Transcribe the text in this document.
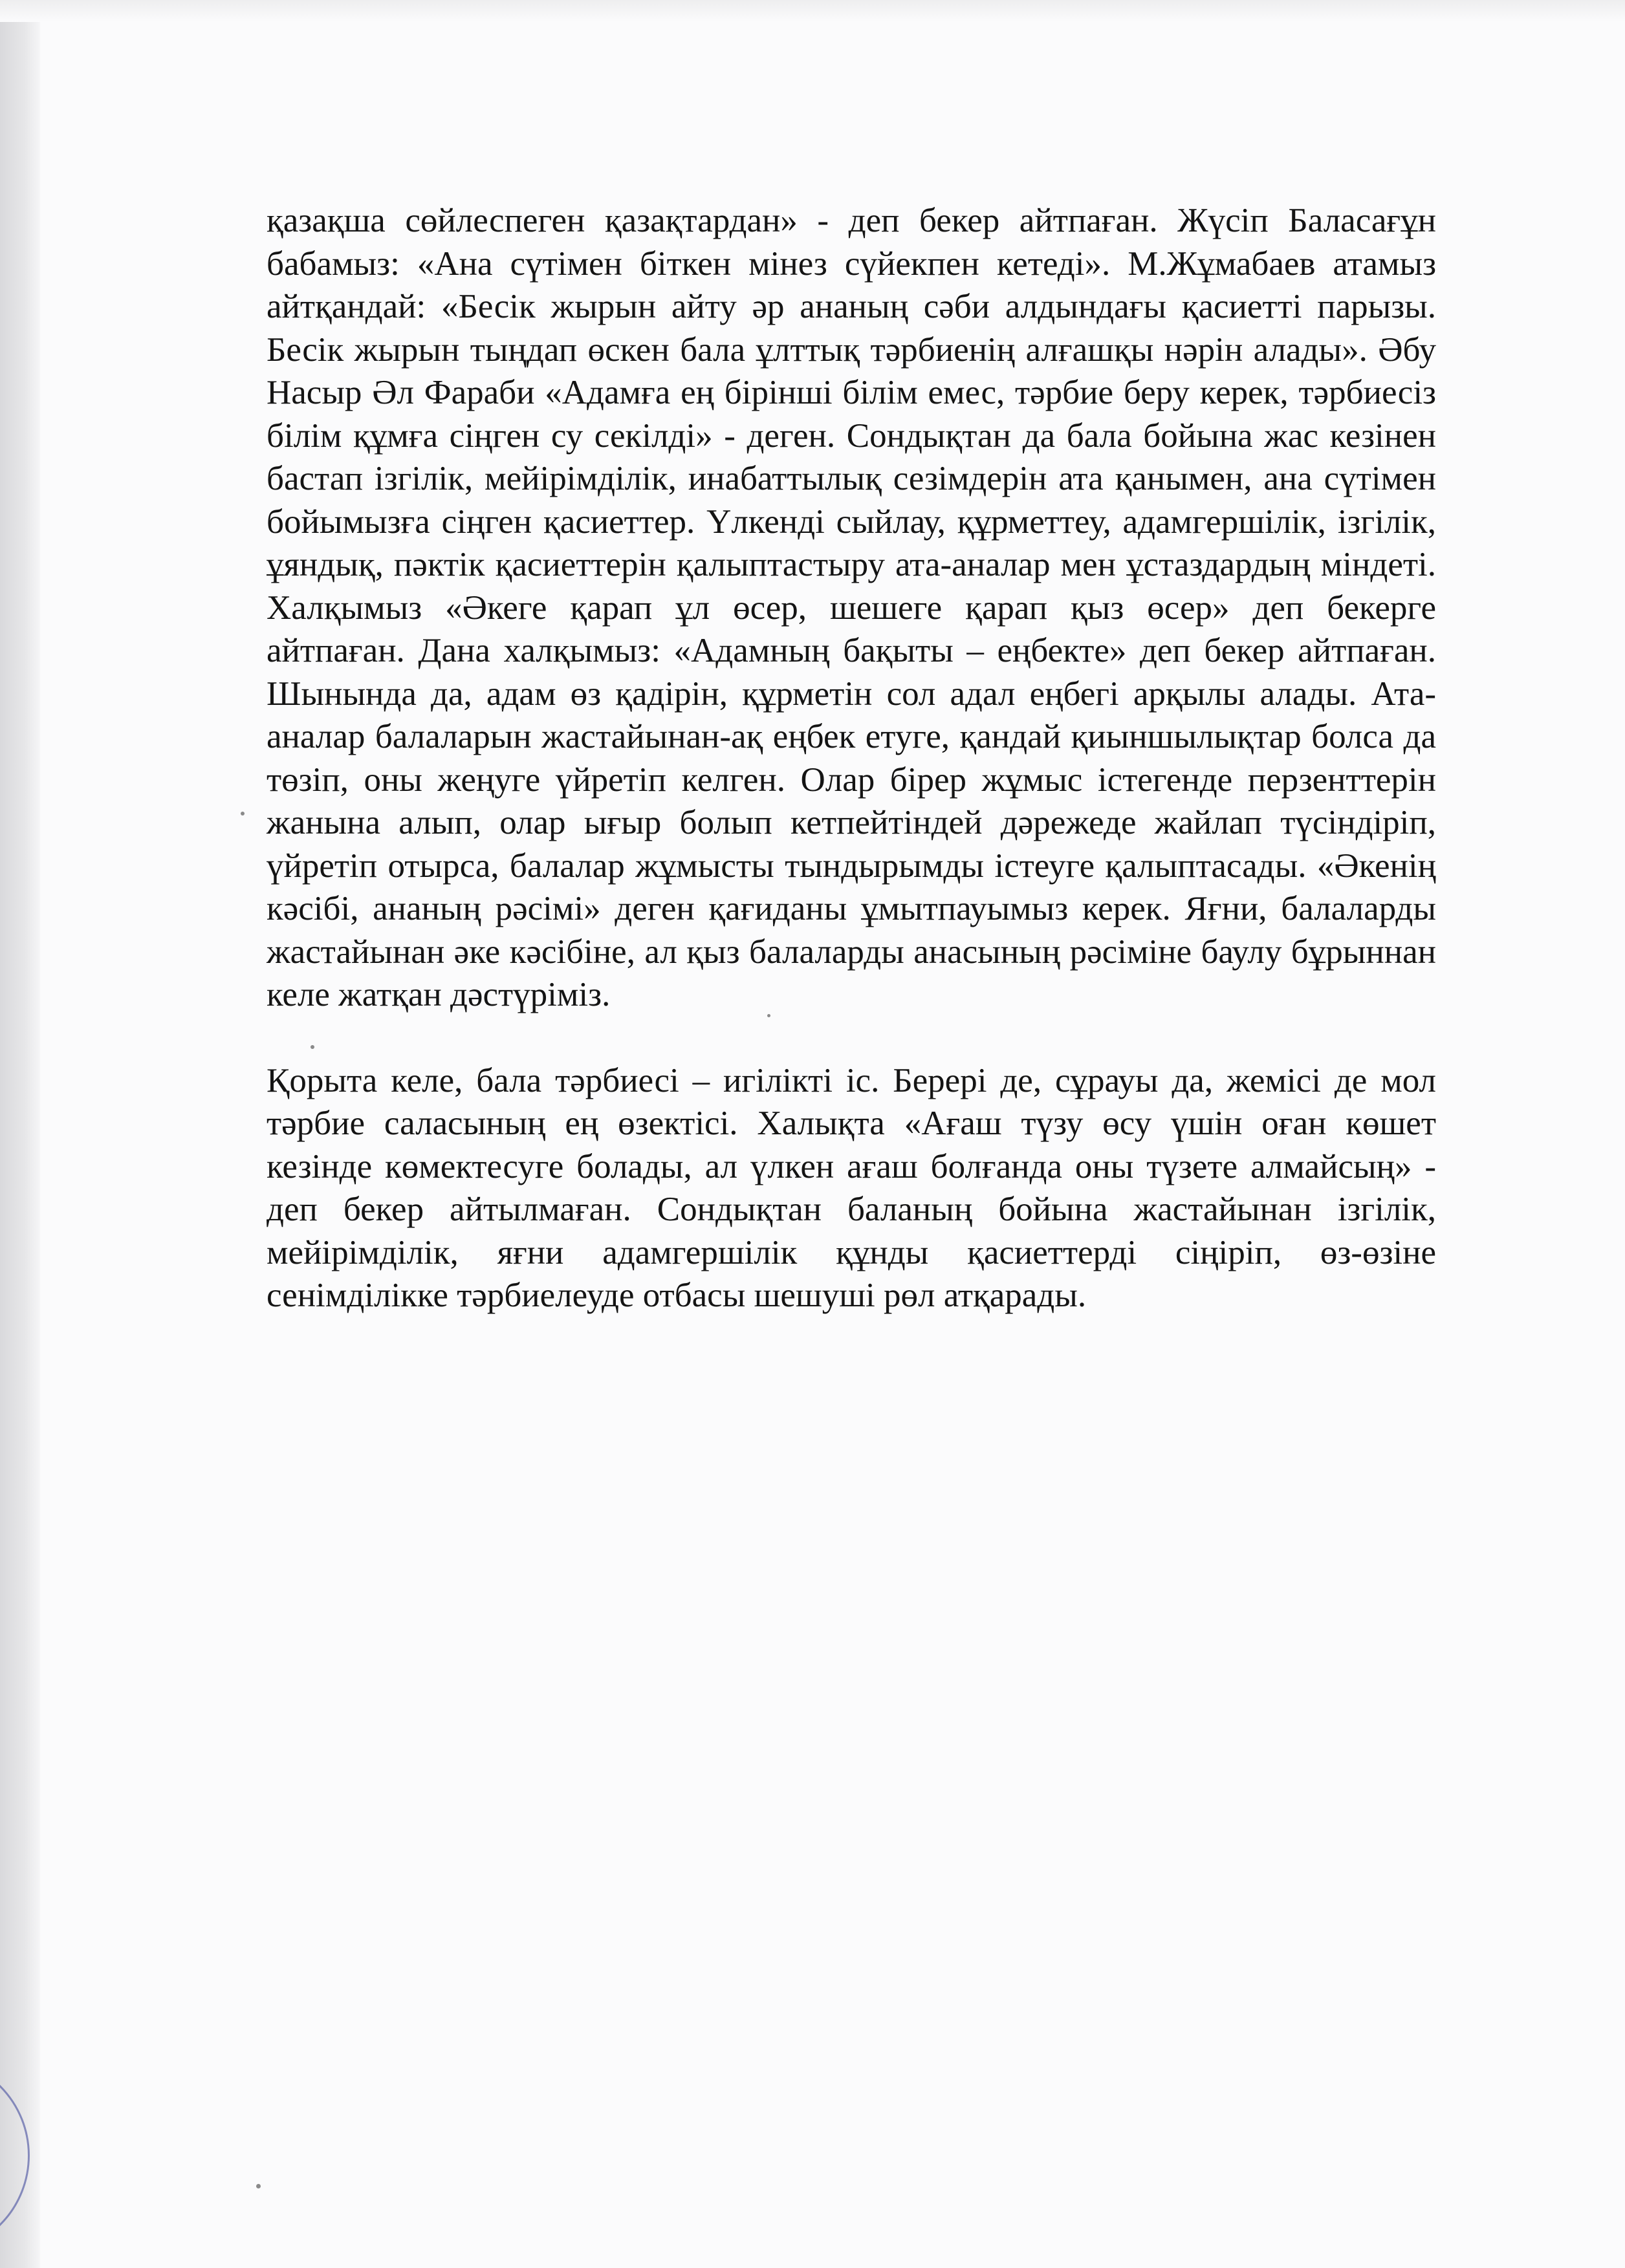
қазақша сөйлеспеген қазақтардан» - деп бекер айтпаған. Жүсіп Баласағұн бабамыз: «Ана сүтімен біткен мінез сүйекпен кетеді». М.Жұмабаев атамыз айтқандай: «Бесік жырын айту әр ананың сәби алдындағы қасиетті парызы. Бесік жырын тыңдап өскен бала ұлттық тәрбиенің алғашқы нәрін алады». Әбу Насыр Әл Фараби «Адамға ең бірінші білім емес, тәрбие беру керек, тәрбиесіз білім құмға сіңген су секілді» - деген. Сондықтан да бала бойына жас кезінен бастап ізгілік, мейірімділік, инабаттылық сезімдерін ата қанымен, ана сүтімен бойымызға сіңген қасиеттер. Үлкенді сыйлау, құрметтеу, адамгершілік, ізгілік, ұяндық, пәктік қасиеттерін қалыптастыру ата-аналар мен ұстаздардың міндеті. Халқымыз «Әкеге қарап ұл өсер, шешеге қарап қыз өсер» деп бекерге айтпаған. Дана халқымыз: «Адамның бақыты – еңбекте» деп бекер айтпаған. Шынында да, адам өз қадірін, құрметін сол адал еңбегі арқылы алады. Ата-аналар балаларын жастайынан-ақ еңбек етуге, қандай қиыншылықтар болса да төзіп, оны жеңуге үйретіп келген. Олар бірер жұмыс істегенде перзенттерін жанына алып, олар ығыр болып кетпейтіндей дәрежеде жайлап түсіндіріп, үйретіп отырса, балалар жұмысты тындырымды істеуге қалыптасады. «Әкенің кәсібі, ананың рәсімі» деген қағиданы ұмытпауымыз керек. Яғни, балаларды жастайынан әке кәсібіне, ал қыз балаларды анасының рәсіміне баулу бұрыннан келе жатқан дәстүріміз.

Қорыта келе, бала тәрбиесі – игілікті іс. Берері де, сұрауы да, жемісі де мол тәрбие саласының ең өзектісі. Халықта «Ағаш түзу өсу үшін оған көшет кезінде көмектесуге болады, ал үлкен ағаш болғанда оны түзете алмайсың» - деп бекер айтылмаған. Сондықтан баланың бойына жастайынан ізгілік, мейірімділік, яғни адамгершілік құнды қасиеттерді сіңіріп, өз-өзіне сенімділікке тәрбиелеуде отбасы шешуші рөл атқарады.
